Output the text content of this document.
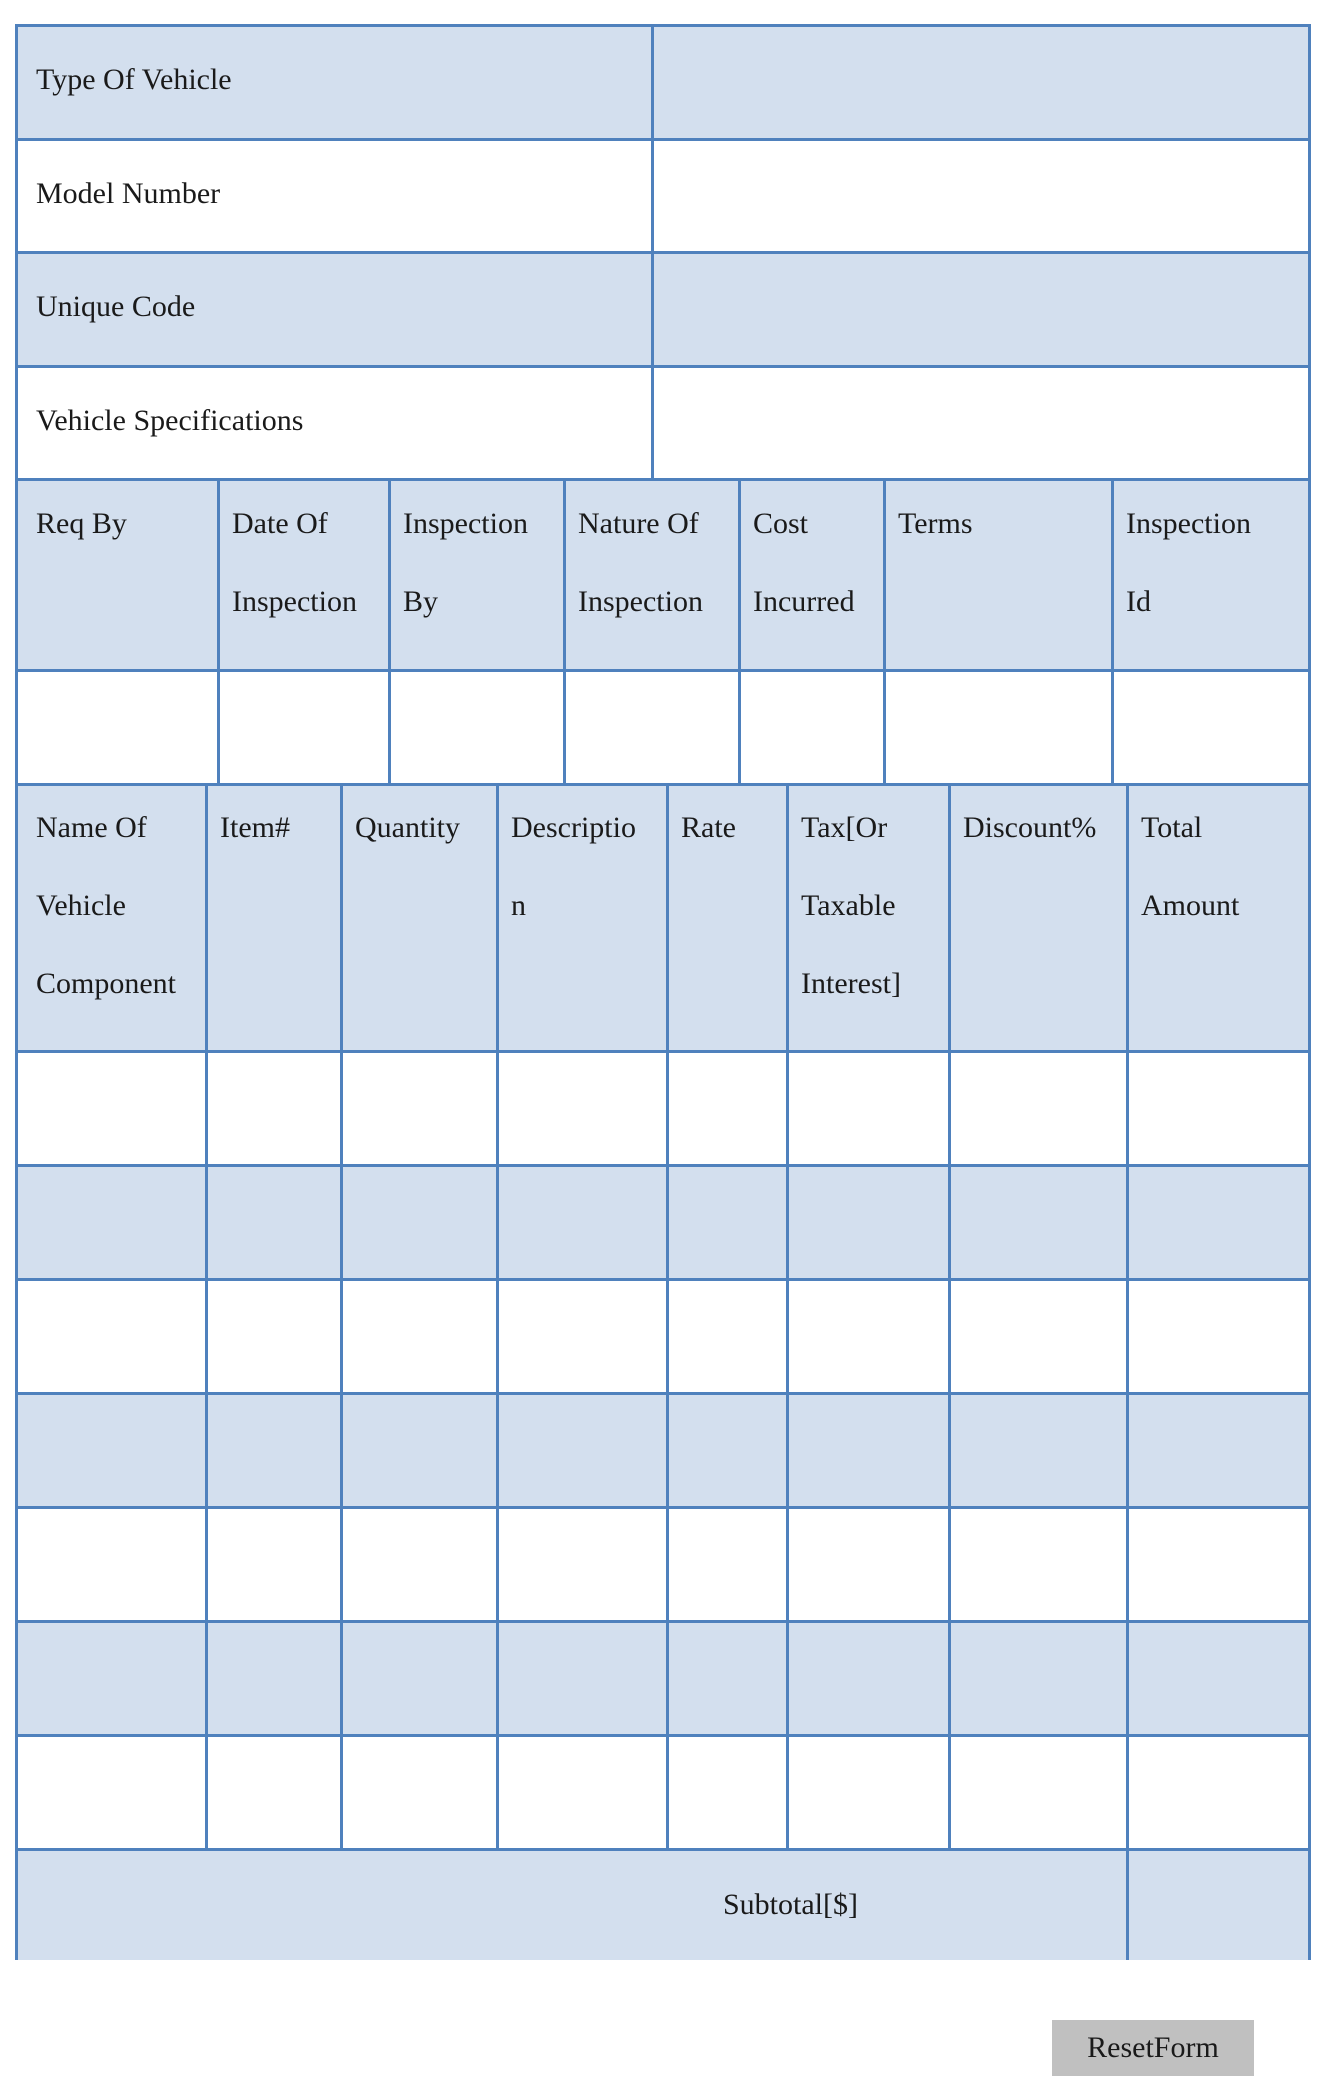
Type Of Vehicle
Model Number
Unique Code
Vehicle Specifications
Subtotal[$]
Req By	Date Of
Inspection
Inspection
By
Nature Of
Inspection
Cost
Incurred
Terms	Inspection
Id
Name Of
Vehicle
Component
Item# Quantity Descriptio
n
Rate Tax[Or
Taxable
Interest]
Discount% Total
Amount
ResetForm
